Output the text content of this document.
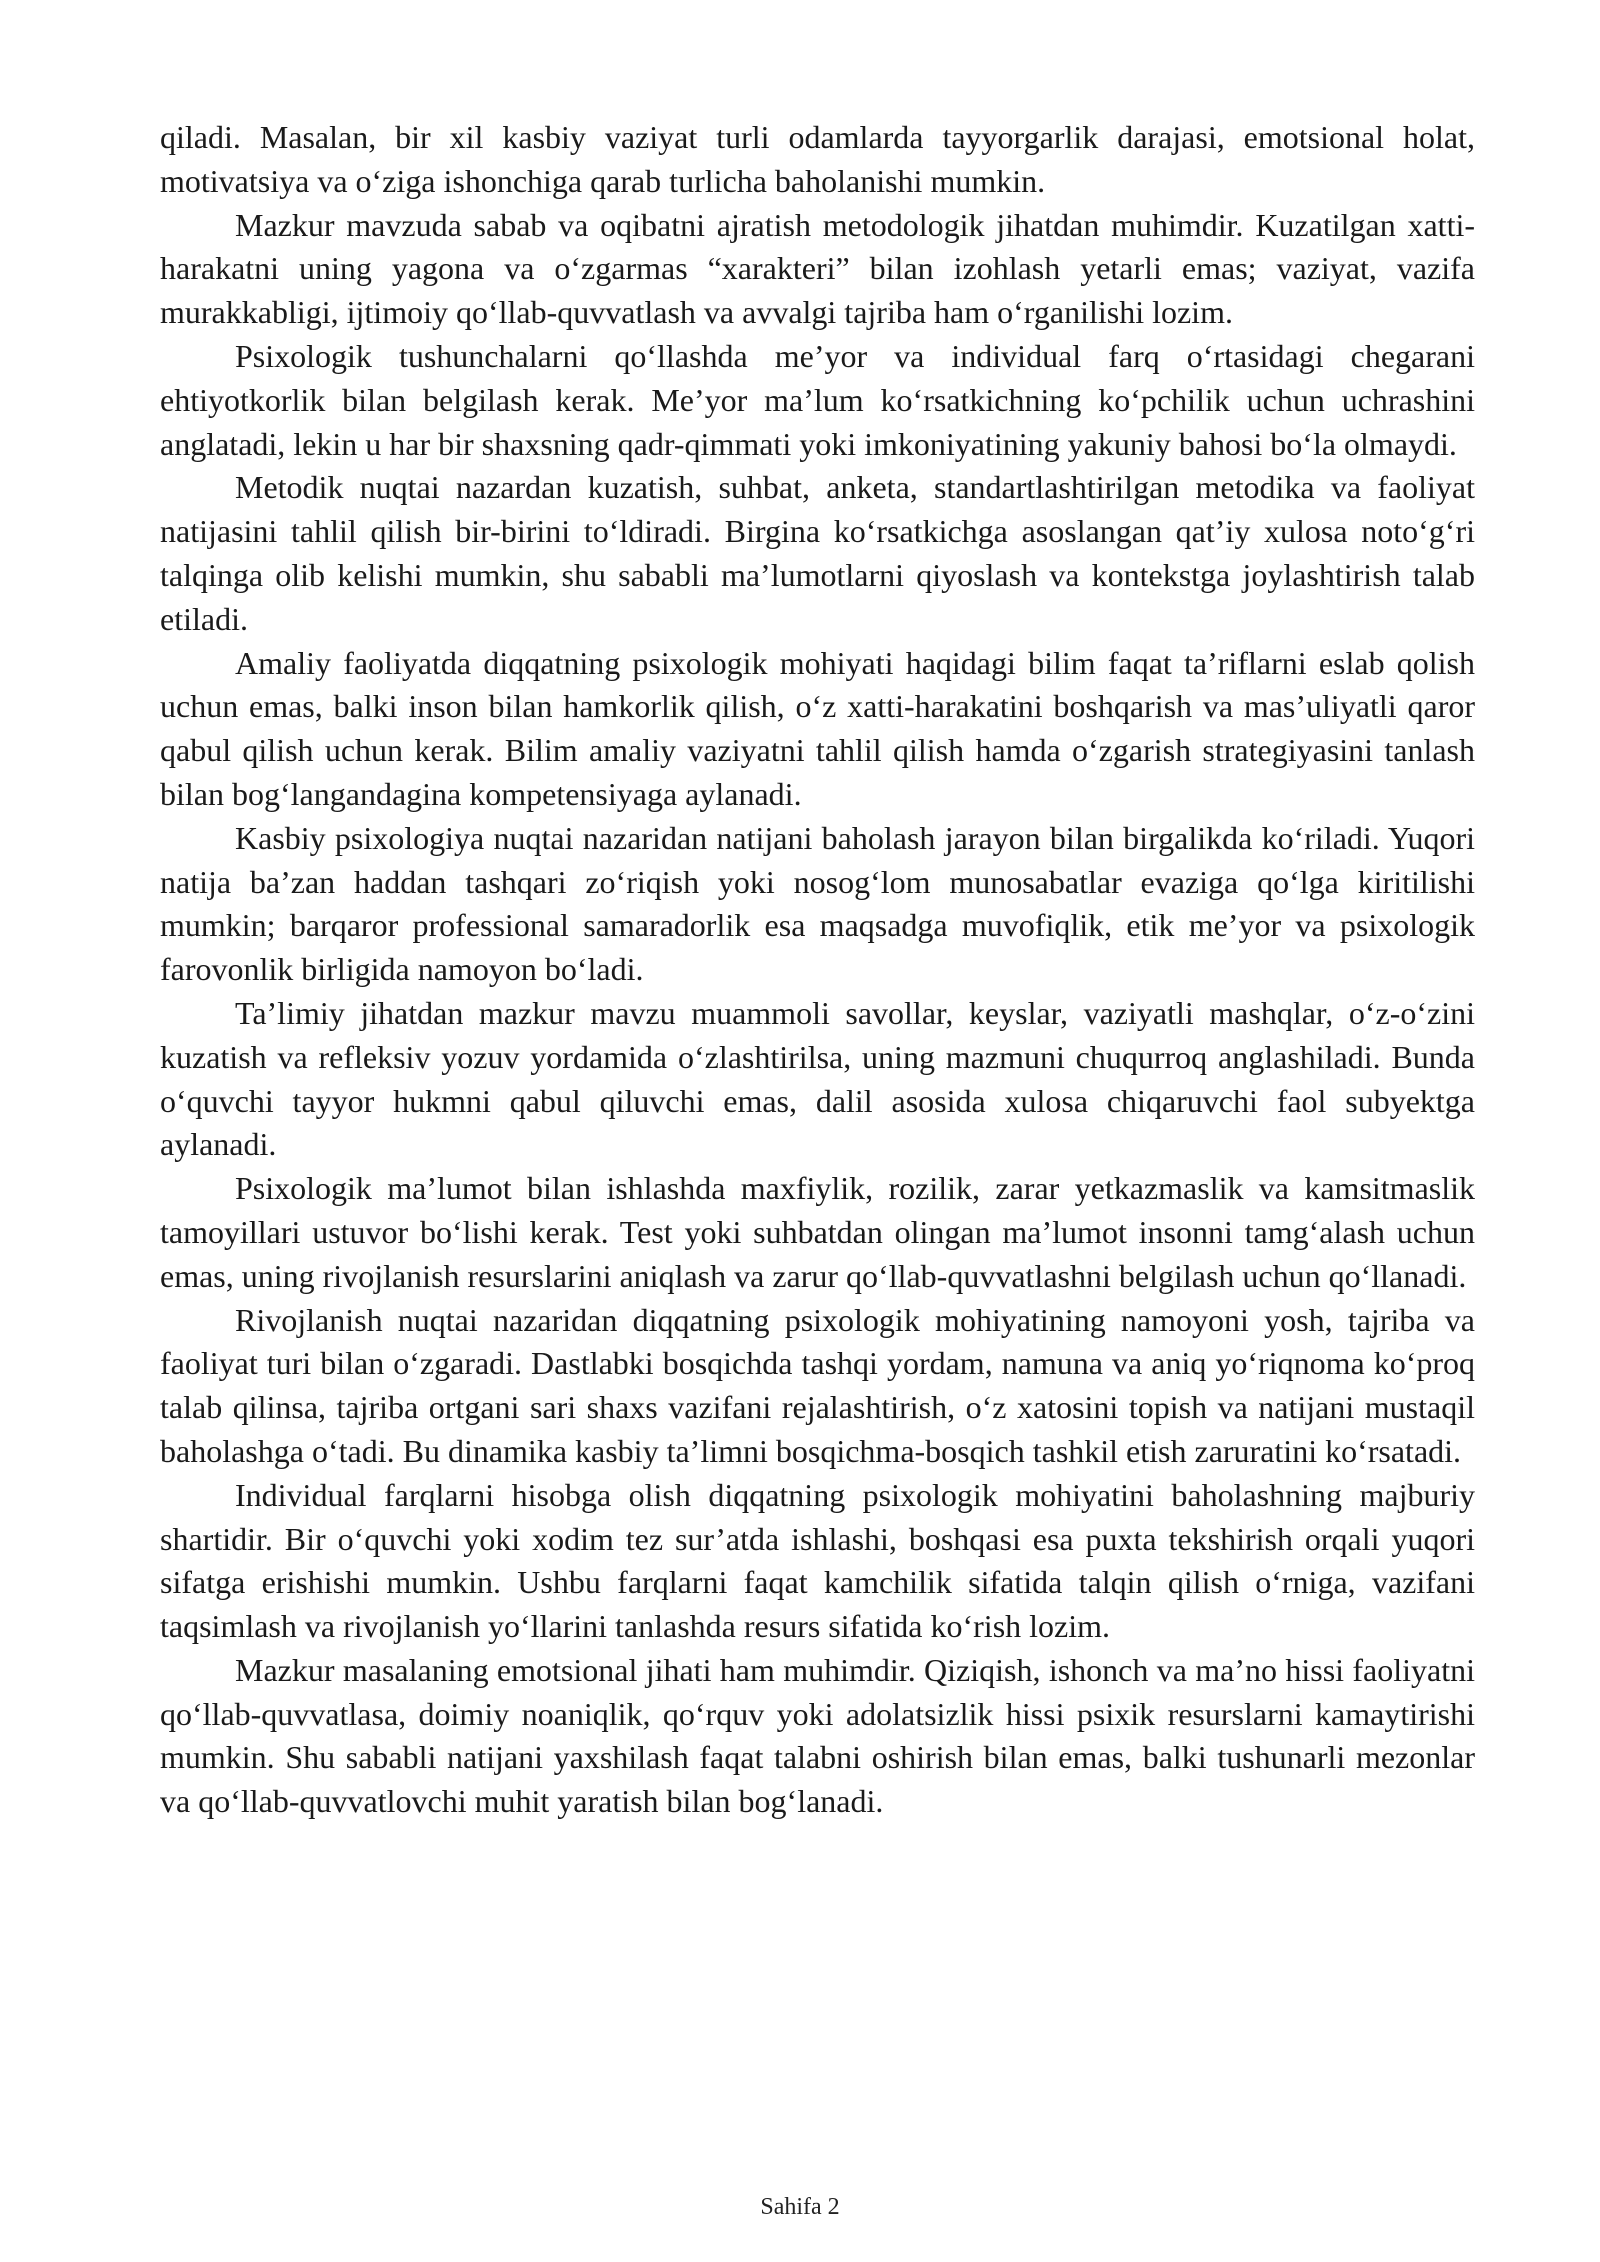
qiladi. Masalan, bir xil kasbiy vaziyat turli odamlarda tayyorgarlik darajasi, emotsional holat, motivatsiya va o‘ziga ishonchiga qarab turlicha baholanishi mumkin.

Mazkur mavzuda sabab va oqibatni ajratish metodologik jihatdan muhimdir. Kuzatilgan xatti-harakatni uning yagona va o‘zgarmas “xarakteri” bilan izohlash yetarli emas; vaziyat, vazifa murakkabligi, ijtimoiy qo‘llab-quvvatlash va avvalgi tajriba ham o‘rganilishi lozim.

Psixologik tushunchalarni qo‘llashda me’yor va individual farq o‘rtasidagi chegarani ehtiyotkorlik bilan belgilash kerak. Me’yor ma’lum ko‘rsatkichning ko‘pchilik uchun uchrashini anglatadi, lekin u har bir shaxsning qadr-qimmati yoki imkoniyatining yakuniy bahosi bo‘la olmaydi.

Metodik nuqtai nazardan kuzatish, suhbat, anketa, standartlashtirilgan metodika va faoliyat natijasini tahlil qilish bir-birini to‘ldiradi. Birgina ko‘rsatkichga asoslangan qat’iy xulosa noto‘g‘ri talqinga olib kelishi mumkin, shu sababli ma’lumotlarni qiyoslash va kontekstga joylashtirish talab etiladi.

Amaliy faoliyatda diqqatning psixologik mohiyati haqidagi bilim faqat ta’riflarni eslab qolish uchun emas, balki inson bilan hamkorlik qilish, o‘z xatti-harakatini boshqarish va mas’uliyatli qaror qabul qilish uchun kerak. Bilim amaliy vaziyatni tahlil qilish hamda o‘zgarish strategiyasini tanlash bilan bog‘langandagina kompetensiyaga aylanadi.

Kasbiy psixologiya nuqtai nazaridan natijani baholash jarayon bilan birgalikda ko‘riladi. Yuqori natija ba’zan haddan tashqari zo‘riqish yoki nosog‘lom munosabatlar evaziga qo‘lga kiritilishi mumkin; barqaror professional samaradorlik esa maqsadga muvofiqlik, etik me’yor va psixologik farovonlik birligida namoyon bo‘ladi.

Ta’limiy jihatdan mazkur mavzu muammoli savollar, keyslar, vaziyatli mashqlar, o‘z-o‘zini kuzatish va refleksiv yozuv yordamida o‘zlashtirilsa, uning mazmuni chuqurroq anglashiladi. Bunda o‘quvchi tayyor hukmni qabul qiluvchi emas, dalil asosida xulosa chiqaruvchi faol subyektga aylanadi.

Psixologik ma’lumot bilan ishlashda maxfiylik, rozilik, zarar yetkazmaslik va kamsitmaslik tamoyillari ustuvor bo‘lishi kerak. Test yoki suhbatdan olingan ma’lumot insonni tamg‘alash uchun emas, uning rivojlanish resurslarini aniqlash va zarur qo‘llab-quvvatlashni belgilash uchun qo‘llanadi.

Rivojlanish nuqtai nazaridan diqqatning psixologik mohiyatining namoyoni yosh, tajriba va faoliyat turi bilan o‘zgaradi. Dastlabki bosqichda tashqi yordam, namuna va aniq yo‘riqnoma ko‘proq talab qilinsa, tajriba ortgani sari shaxs vazifani rejalashtirish, o‘z xatosini topish va natijani mustaqil baholashga o‘tadi. Bu dinamika kasbiy ta’limni bosqichma-bosqich tashkil etish zaruratini ko‘rsatadi.

Individual farqlarni hisobga olish diqqatning psixologik mohiyatini baholashning majburiy shartidir. Bir o‘quvchi yoki xodim tez sur’atda ishlashi, boshqasi esa puxta tekshirish orqali yuqori sifatga erishishi mumkin. Ushbu farqlarni faqat kamchilik sifatida talqin qilish o‘rniga, vazifani taqsimlash va rivojlanish yo‘llarini tanlashda resurs sifatida ko‘rish lozim.

Mazkur masalaning emotsional jihati ham muhimdir. Qiziqish, ishonch va ma’no hissi faoliyatni qo‘llab-quvvatlasa, doimiy noaniqlik, qo‘rquv yoki adolatsizlik hissi psixik resurslarni kamaytirishi mumkin. Shu sababli natijani yaxshilash faqat talabni oshirish bilan emas, balki tushunarli mezonlar va qo‘llab-quvvatlovchi muhit yaratish bilan bog‘lanadi.

Sahifa 2
